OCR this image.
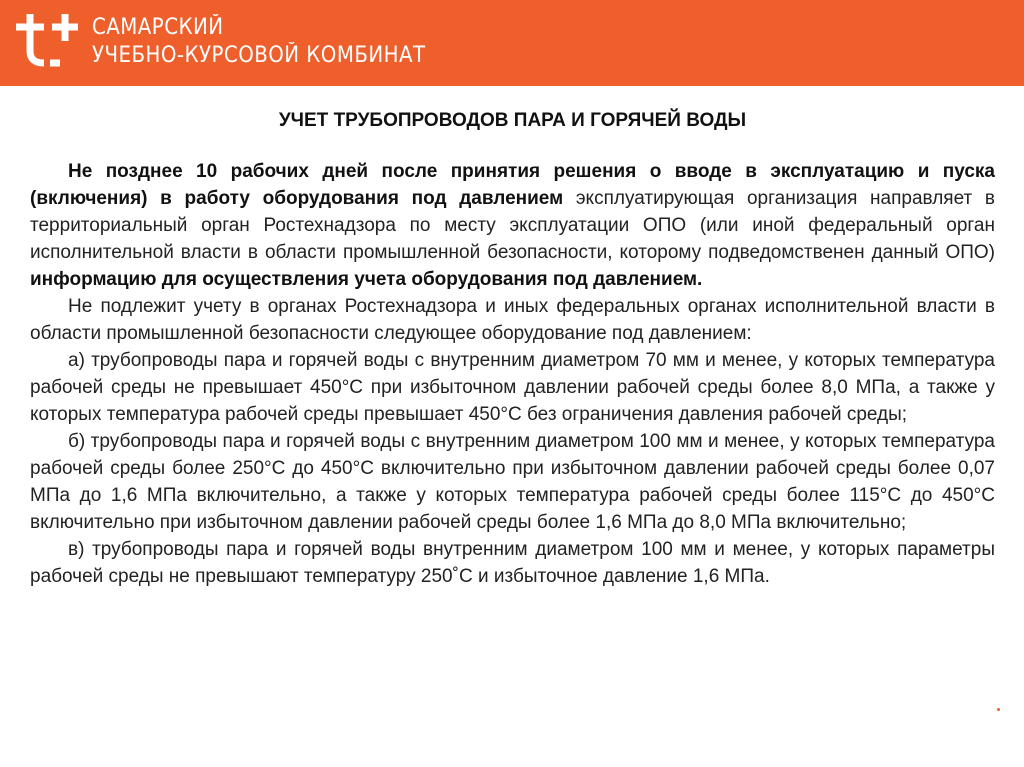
САМАРСКИЙ
УЧЕБНО-КУРСОВОЙ КОМБИНАТ
УЧЕТ ТРУБОПРОВОДОВ ПАРА И ГОРЯЧЕЙ ВОДЫ

Не позднее 10 рабочих дней после принятия решения о вводе в эксплуатацию и пуска (включения) в работу оборудования под давлением эксплуатирующая организация направляет в территориальный орган Ростехнадзора по месту эксплуатации ОПО (или иной федеральный орган исполнительной власти в области промышленной безопасности, которому подведомственен данный ОПО) информацию для осуществления учета оборудования под давлением.

Не подлежит учету в органах Ростехнадзора и иных федеральных органах исполнительной власти в области промышленной безопасности следующее оборудование под давлением:

а) трубопроводы пара и горячей воды с внутренним диаметром 70 мм и менее, у которых температура рабочей среды не превышает 450°С при избыточном давлении рабочей среды более 8,0 МПа, а также у которых температура рабочей среды превышает 450°С без ограничения давления рабочей среды;

б) трубопроводы пара и горячей воды с внутренним диаметром 100 мм и менее, у которых температура рабочей среды более 250°С до 450°С включительно при избыточном давлении рабочей среды более 0,07 МПа до 1,6 МПа включительно, а также у которых температура рабочей среды более 115°С до 450°С включительно при избыточном давлении рабочей среды более 1,6 МПа до 8,0 МПа включительно;

в) трубопроводы пара и горячей воды внутренним диаметром 100 мм и менее, у которых параметры рабочей среды не превышают температуру 250˚С и избыточное давление 1,6 МПа.
